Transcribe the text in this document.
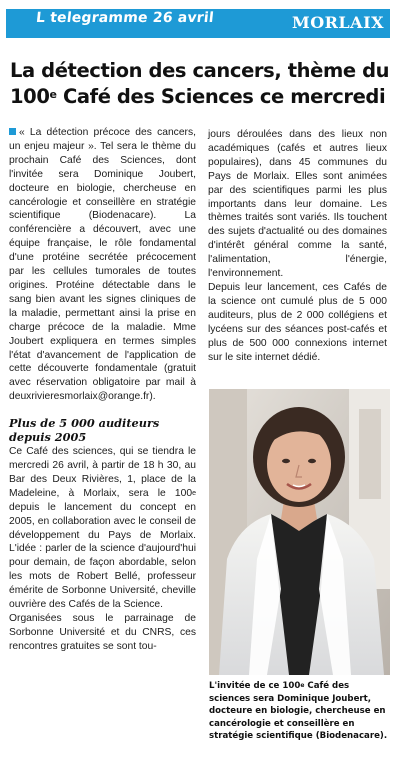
L telegramme 26 avril	MORLAIX
La détection des cancers, thème du
100e Café des Sciences ce mercredi

« La détection précoce des cancers, un enjeu majeur ». Tel sera le thème du prochain Café des Sciences, dont l'invitée sera Dominique Joubert, docteure en biologie, chercheuse en cancérologie et conseillère en stratégie scientifique (Biodenacare). La conférencière a découvert, avec une équipe française, le rôle fondamental d'une protéine secrétée précocement par les cellules tumorales de toutes origines. Protéine détectable dans le sang bien avant les signes cliniques de la maladie, permettant ainsi la prise en charge précoce de la maladie. Mme Joubert expliquera en termes simples l'état d'avancement de l'application de cette découverte fondamentale (gratuit avec réservation obligatoire par mail à deuxrivieresmorlaix@orange.fr).

Plus de 5 000 auditeurs
depuis 2005

Ce Café des sciences, qui se tiendra le mercredi 26 avril, à partir de 18 h 30, au Bar des Deux Rivières, 1, place de la Madeleine, à Morlaix, sera le 100e depuis le lancement du concept en 2005, en collaboration avec le conseil de développement du Pays de Morlaix. L'idée : parler de la science d'aujourd'hui pour demain, de façon abordable, selon les mots de Robert Bellé, professeur émérite de Sorbonne Université, cheville ouvrière des Cafés de la Science.

Organisées sous le parrainage de Sorbonne Université et du CNRS, ces rencontres gratuites se sont tou-

jours déroulées dans des lieux non académiques (cafés et autres lieux populaires), dans 45 communes du Pays de Morlaix. Elles sont animées par des scientifiques parmi les plus importants dans leur domaine. Les thèmes traités sont variés. Ils touchent des sujets d'actualité ou des domaines d'intérêt général comme la santé, l'alimentation, l'énergie, l'environnement.

Depuis leur lancement, ces Cafés de la science ont cumulé plus de 5 000 auditeurs, plus de 2 000 collégiens et lycéens sur des séances post-cafés et plus de 500 000 connexions internet sur le site internet dédié.

L'invitée de ce 100e Café des sciences sera Dominique Joubert, docteure en biologie, chercheuse en cancérologie et conseillère en stratégie scientifique (Biodenacare).
